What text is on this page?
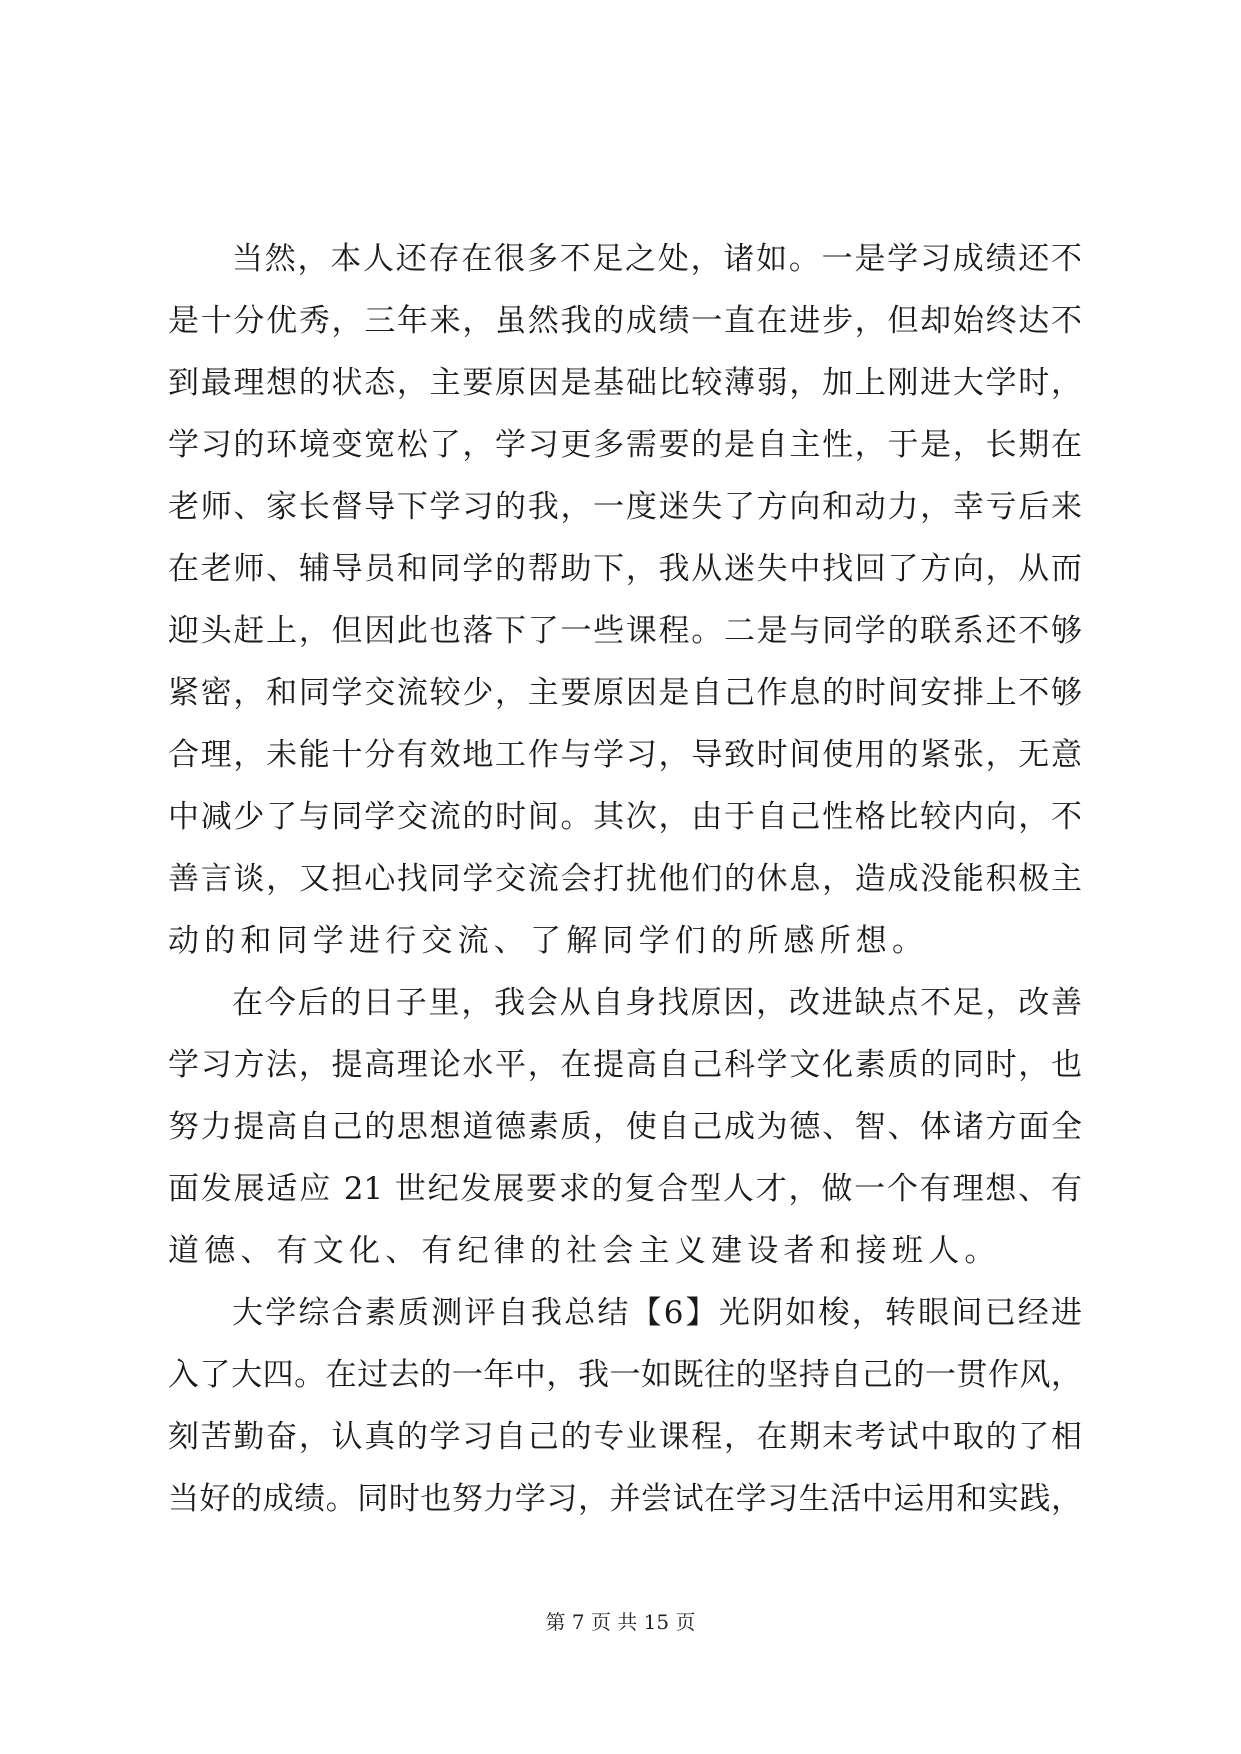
当然，本人还存在很多不足之处，诸如。一是学习成绩还不
是十分优秀，三年来，虽然我的成绩一直在进步，但却始终达不
到最理想的状态，主要原因是基础比较薄弱，加上刚进大学时，
学习的环境变宽松了，学习更多需要的是自主性，于是，长期在
老师、家长督导下学习的我，一度迷失了方向和动力，幸亏后来
在老师、辅导员和同学的帮助下，我从迷失中找回了方向，从而
迎头赶上，但因此也落下了一些课程。二是与同学的联系还不够
紧密，和同学交流较少，主要原因是自己作息的时间安排上不够
合理，未能十分有效地工作与学习，导致时间使用的紧张，无意
中减少了与同学交流的时间。其次，由于自己性格比较内向，不
善言谈，又担心找同学交流会打扰他们的休息，造成没能积极主
动的和同学进行交流、了解同学们的所感所想。
在今后的日子里，我会从自身找原因，改进缺点不足，改善
学习方法，提高理论水平，在提高自己科学文化素质的同时，也
努力提高自己的思想道德素质，使自己成为德、智、体诸方面全
面发展适应 21 世纪发展要求的复合型人才，做一个有理想、有
道德、有文化、有纪律的社会主义建设者和接班人。
大学综合素质测评自我总结【6】光阴如梭，转眼间已经进
入了大四。在过去的一年中，我一如既往的坚持自己的一贯作风，
刻苦勤奋，认真的学习自己的专业课程，在期末考试中取的了相
当好的成绩。同时也努力学习，并尝试在学习生活中运用和实践，
第 7 页 共 15 页
